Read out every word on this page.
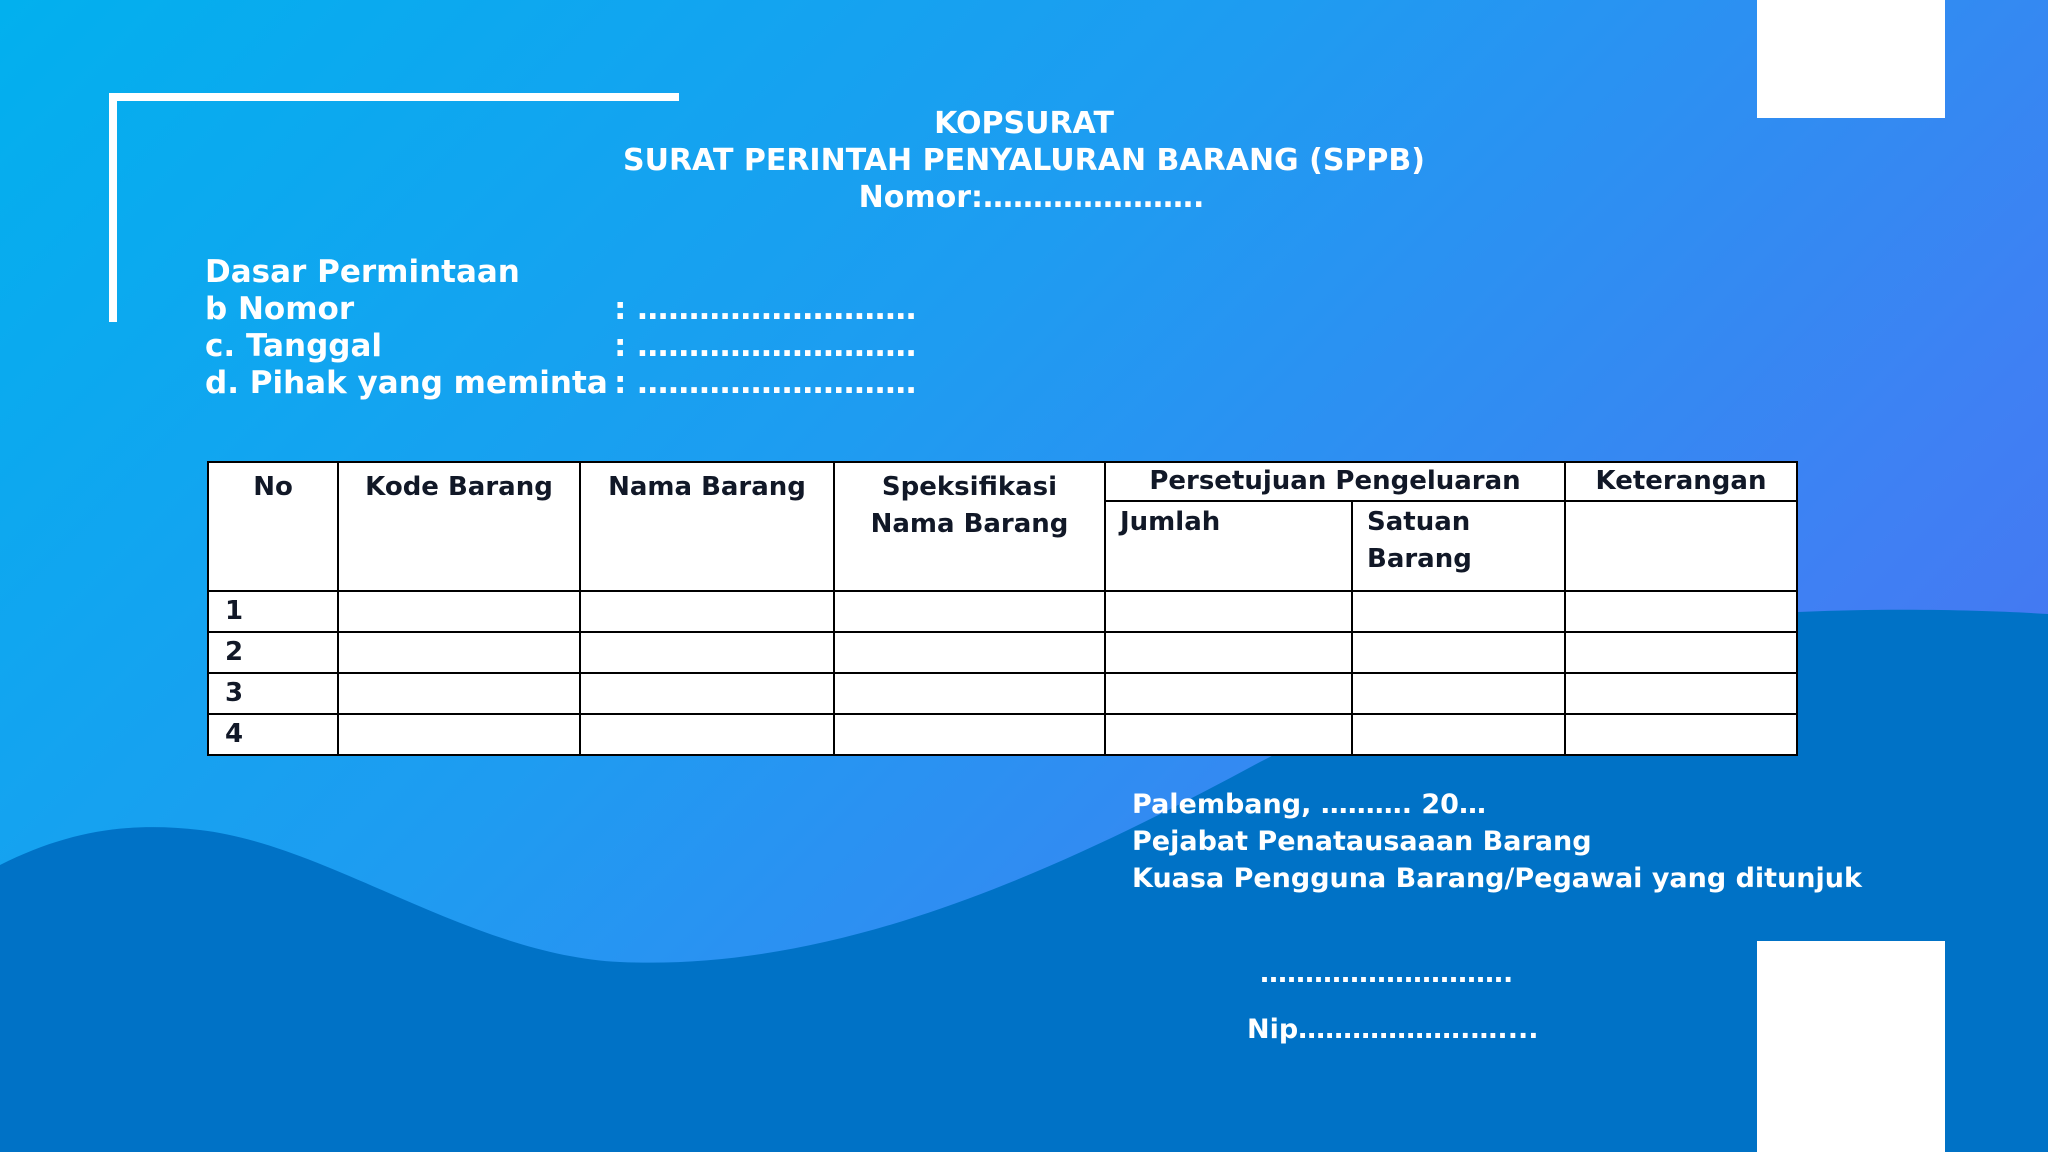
KOPSURAT
SURAT PERINTAH PENYALURAN BARANG (SPPB)
Nomor:………………….
Dasar Permintaan
b Nomor	: ………………………
c. Tanggal	: ………………………
d. Pihak yang meminta : ………………………
No	Kode Barang	Nama Barang	Speksifikasi Nama Barang	Persetujuan Pengeluaran		Keterangan
				Jumlah	Satuan Barang	
1						
2						
3						
4						
Palembang, ………. 20…
Pejabat Penatausaaan Barang
Kuasa Pengguna Barang/Pegawai yang ditunjuk
……………………….
Nip……………….…....
